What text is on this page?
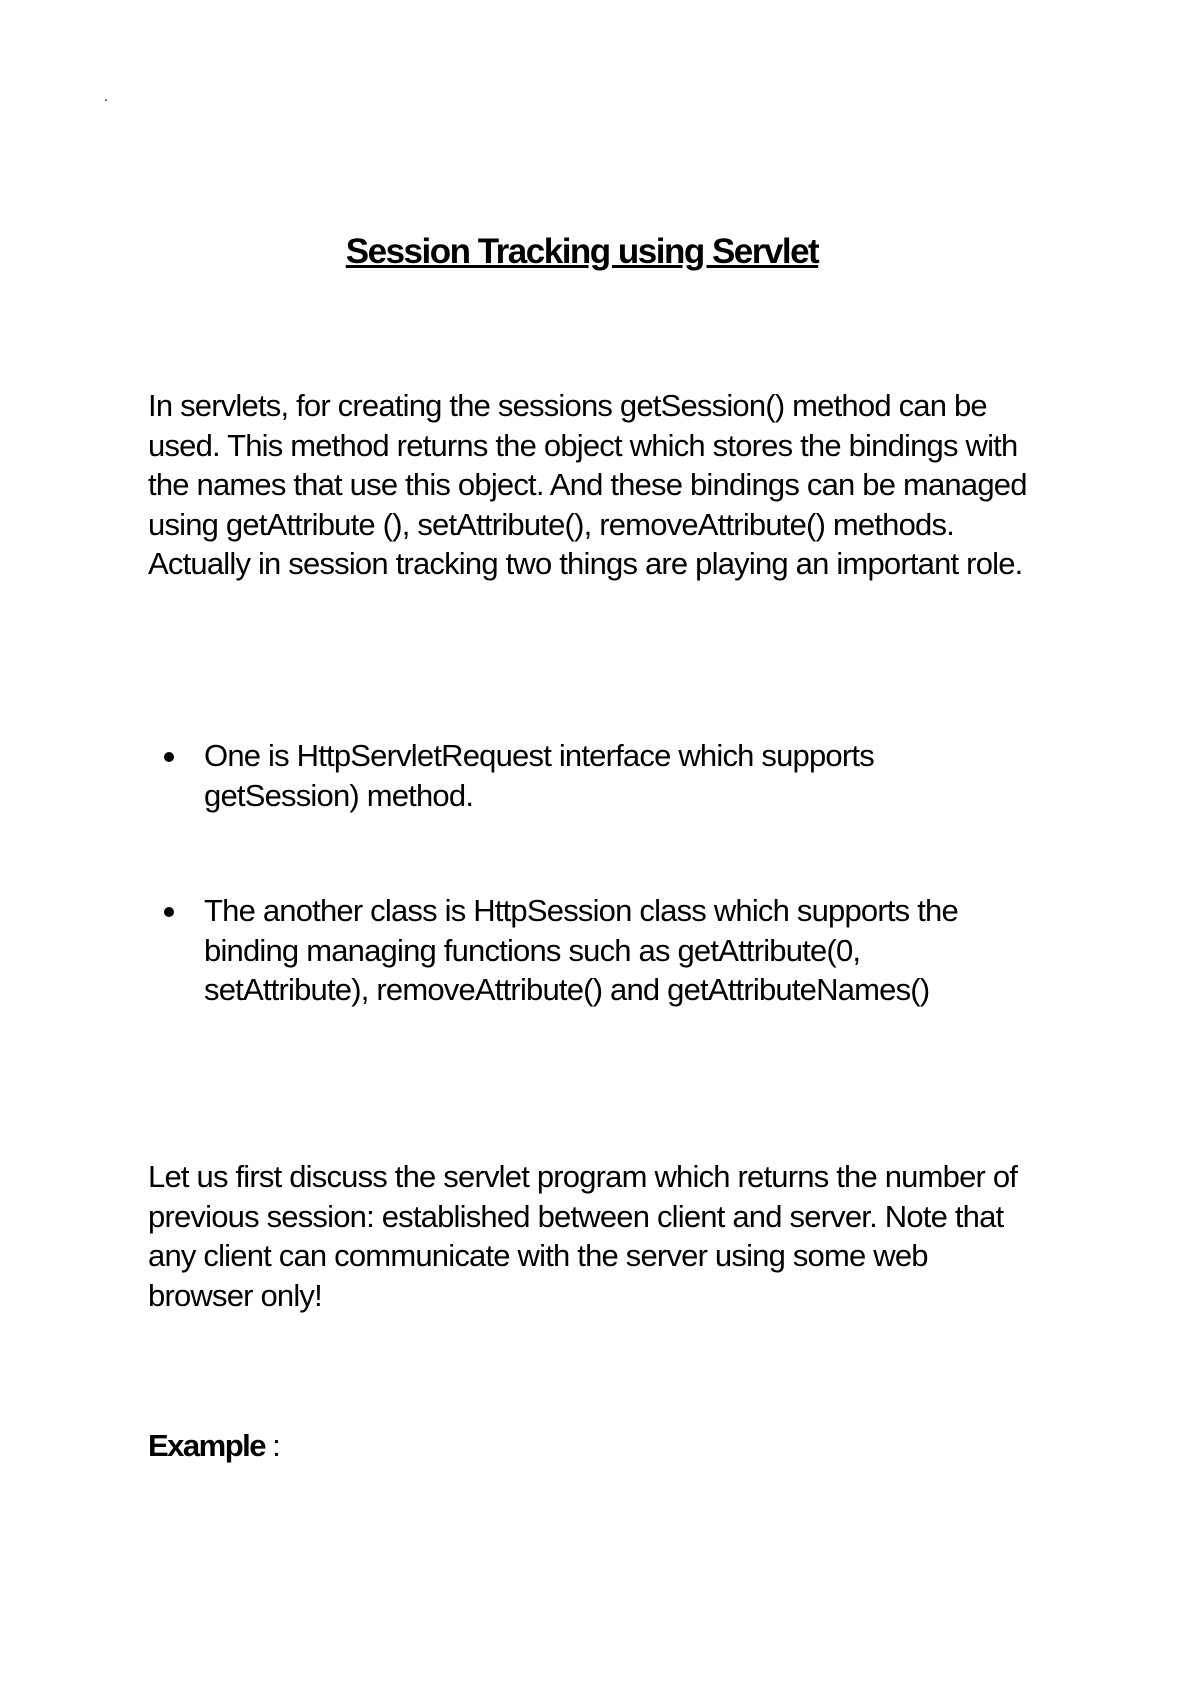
.
Session Tracking using Servlet

In servlets, for creating the sessions getSession() method can be used. This method returns the object which stores the bindings with the names that use this object. And these bindings can be managed using getAttribute (), setAttribute(), removeAttribute() methods. Actually in session tracking two things are playing an important role.

One is HttpServletRequest interface which supports getSession) method.
The another class is HttpSession class which supports the binding managing functions such as getAttribute(0, setAttribute), removeAttribute() and getAttributeNames()

Let us first discuss the servlet program which returns the number of previous session: established between client and server. Note that any client can communicate with the server using some web browser only!

Example :
